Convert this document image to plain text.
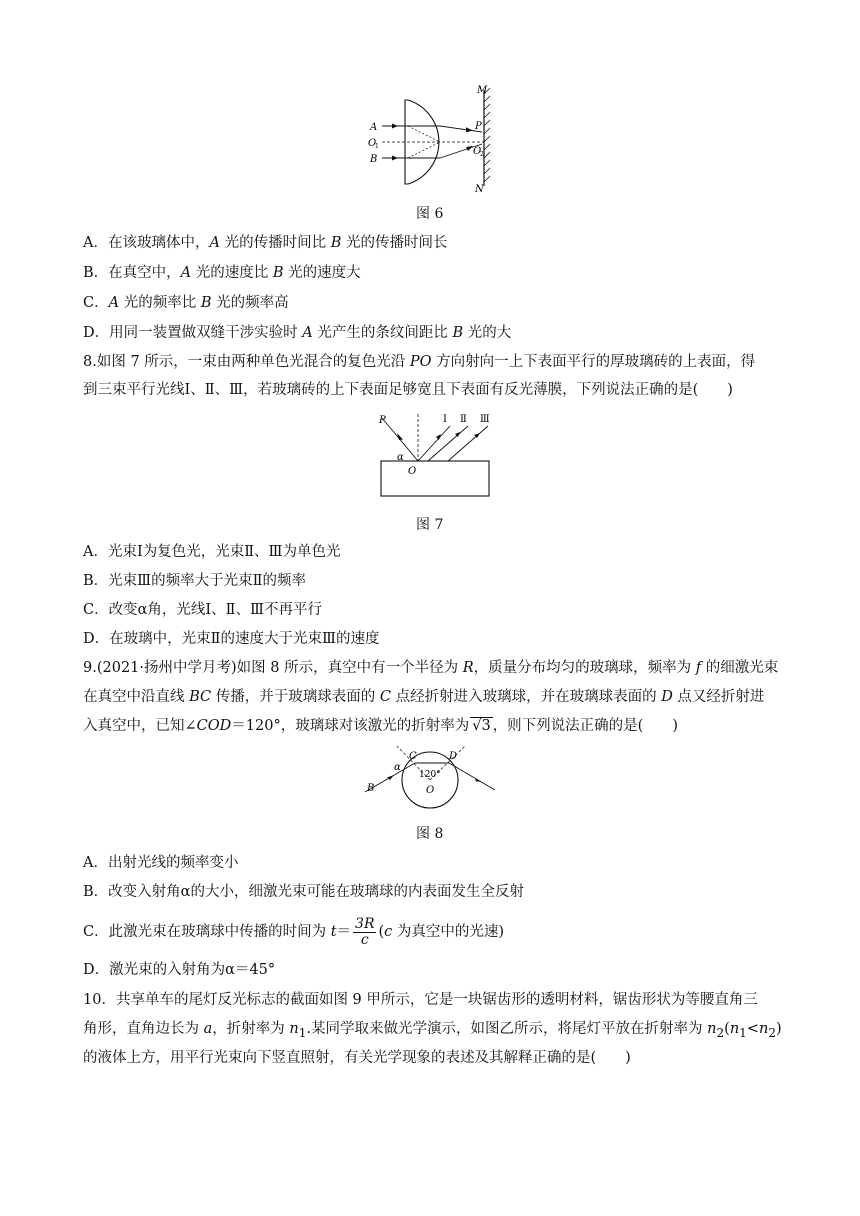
M
P
A
O
1	O
2
B
N
图 6
A．在该玻璃体中，A 光的传播时间比 B 光的传播时间长
B．在真空中，A 光的速度比 B 光的速度大
C．A 光的频率比 B 光的频率高
D．用同一装置做双缝干涉实验时 A 光产生的条纹间距比 B 光的大
8.如图 7 所示，一束由两种单色光混合的复色光沿 PO 方向射向一上下表面平行的厚玻璃砖的上表面，得
到三束平行光线Ⅰ、Ⅱ、Ⅲ，若玻璃砖的上下表面足够宽且下表面有反光薄膜，下列说法正确的是(　　)
P	Ⅰ Ⅱ Ⅲ
α
O
图 7
A．光束Ⅰ为复色光，光束Ⅱ、Ⅲ为单色光
B．光束Ⅲ的频率大于光束Ⅱ的频率
C．改变α角，光线Ⅰ、Ⅱ、Ⅲ不再平行
D．在玻璃中，光束Ⅱ的速度大于光束Ⅲ的速度
9.(2021·扬州中学月考)如图 8 所示，真空中有一个半径为 R，质量分布均匀的玻璃球，频率为 f 的细激光束
在真空中沿直线 BC 传播，并于玻璃球表面的 C 点经折射进入玻璃球，并在玻璃球表面的 D 点又经折射进
入真空中，已知∠COD＝120°，玻璃球对该激光的折射率为 √3 ，则下列说法正确的是(　　)
B
α
C	D
120°
O
图 8
A．出射光线的频率变小
B．改变入射角α的大小，细激光束可能在玻璃球的内表面发生全反射
C．此激光束在玻璃球中传播的时间为 $t= \frac{3R}{c} (c$ 为真空中的光速)
D．激光束的入射角为α＝45°
10．共享单车的尾灯反光标志的截面如图 9 甲所示，它是一块锯齿形的透明材料，锯齿形状为等腰直角三
角形，直角边长为 a，折射率为 $n_1$.某同学取来做光学演示，如图乙所示，将尾灯平放在折射率为 $n_2(n_1<n_2)$
的液体上方，用平行光束向下竖直照射，有关光学现象的表述及其解释正确的是(　　)
